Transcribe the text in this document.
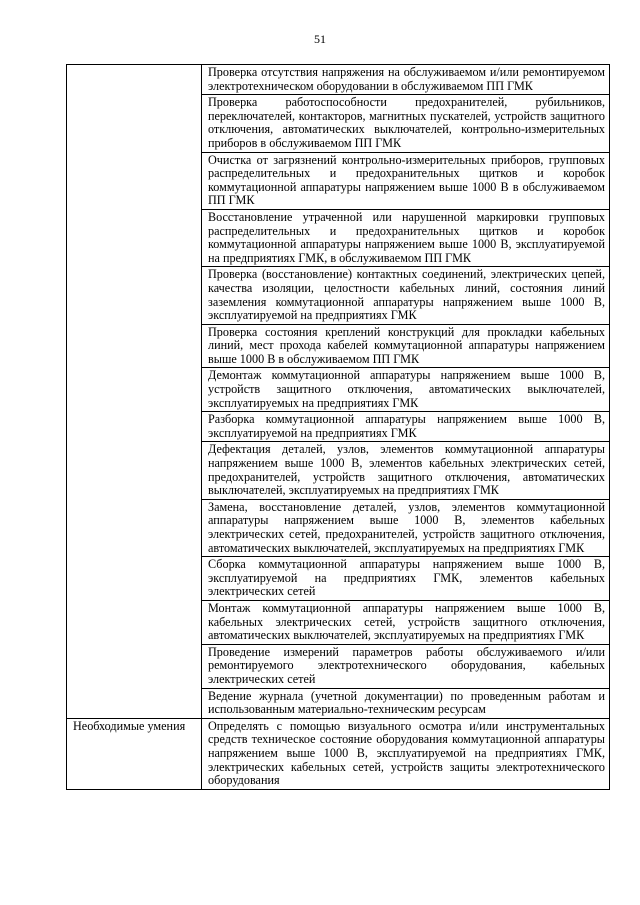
51

	Проверка отсутствия напряжения на обслуживаемом и/или ремонтируемом электротехническом оборудовании в обслуживаемом ПП ГМК

	Проверка работоспособности предохранителей, рубильников, переключателей, контакторов, магнитных пускателей, устройств защитного отключения, автоматических выключателей, контрольно-измерительных приборов в обслуживаемом ПП ГМК

	Очистка от загрязнений контрольно-измерительных приборов, групповых распределительных и предохранительных щитков и коробок коммутационной аппаратуры напряжением выше 1000 В в обслуживаемом ПП ГМК

	Восстановление утраченной или нарушенной маркировки групповых распределительных и предохранительных щитков и коробок коммутационной аппаратуры напряжением выше 1000 В, эксплуатируемой на предприятиях ГМК, в обслуживаемом ПП ГМК

	Проверка (восстановление) контактных соединений, электрических цепей, качества изоляции, целостности кабельных линий, состояния линий заземления коммутационной аппаратуры напряжением выше 1000 В, эксплуатируемой на предприятиях ГМК

	Проверка состояния креплений конструкций для прокладки кабельных линий, мест прохода кабелей коммутационной аппаратуры напряжением выше 1000 В в обслуживаемом ПП ГМК

	Демонтаж коммутационной аппаратуры напряжением выше 1000 В, устройств защитного отключения, автоматических выключателей, эксплуатируемых на предприятиях ГМК

	Разборка коммутационной аппаратуры напряжением выше 1000 В, эксплуатируемой на предприятиях ГМК

	Дефектация деталей, узлов, элементов коммутационной аппаратуры напряжением выше 1000 В, элементов кабельных электрических сетей, предохранителей, устройств защитного отключения, автоматических выключателей, эксплуатируемых на предприятиях ГМК

	Замена, восстановление деталей, узлов, элементов коммутационной аппаратуры напряжением выше 1000 В, элементов кабельных электрических сетей, предохранителей, устройств защитного отключения, автоматических выключателей, эксплуатируемых на предприятиях ГМК

	Сборка коммутационной аппаратуры напряжением выше 1000 В, эксплуатируемой на предприятиях ГМК, элементов кабельных электрических сетей

	Монтаж коммутационной аппаратуры напряжением выше 1000 В, кабельных электрических сетей, устройств защитного отключения, автоматических выключателей, эксплуатируемых на предприятиях ГМК

	Проведение измерений параметров работы обслуживаемого и/или ремонтируемого электротехнического оборудования, кабельных электрических сетей

	Ведение журнала (учетной документации) по проведенным работам и использованным материально-техническим ресурсам

Необходимые умения	Определять с помощью визуального осмотра и/или инструментальных средств техническое состояние оборудования коммутационной аппаратуры напряжением выше 1000 В, эксплуатируемой на предприятиях ГМК, электрических кабельных сетей, устройств защиты электротехнического оборудования
